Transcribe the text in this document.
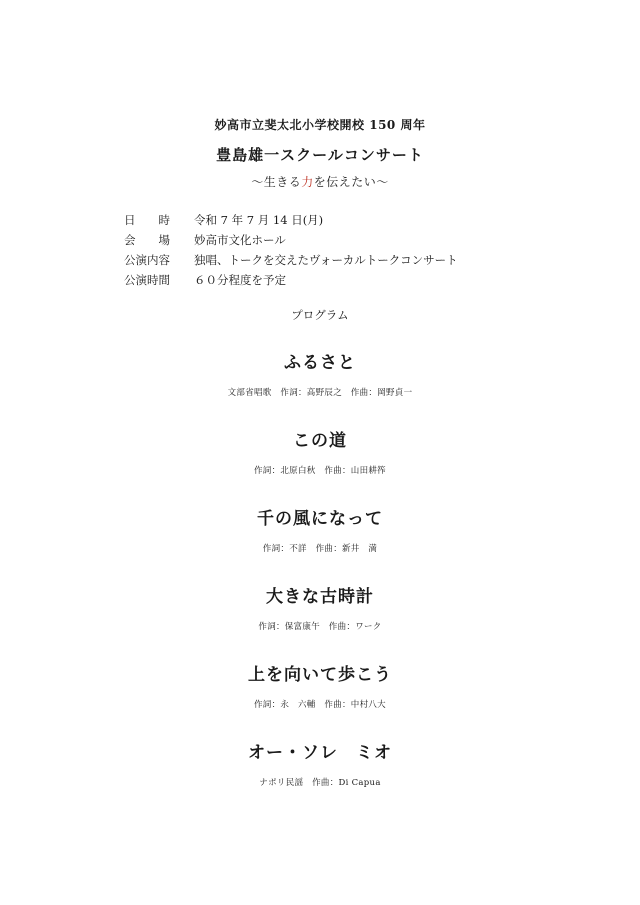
妙高市立斐太北小学校開校 150 周年
豊島雄一スクールコンサート
〜生きる力を伝えたい〜
日　　時	令和 7 年 7 月 14 日(月)
会　　場	妙高市文化ホール
公演内容	独唱、トークを交えたヴォーカルトークコンサート
公演時間	６０分程度を予定
プログラム
ふるさと
文部省唱歌　作詞：高野辰之　作曲：岡野貞一
この道
作詞：北原白秋　作曲：山田耕筰
千の風になって
作詞：不詳　作曲：新井　満
大きな古時計
作詞：保富康午　作曲：ワーク
上を向いて歩こう
作詞：永　六輔　作曲：中村八大
オー・ソレ　ミオ
ナポリ民謡　作曲：Di Capua
